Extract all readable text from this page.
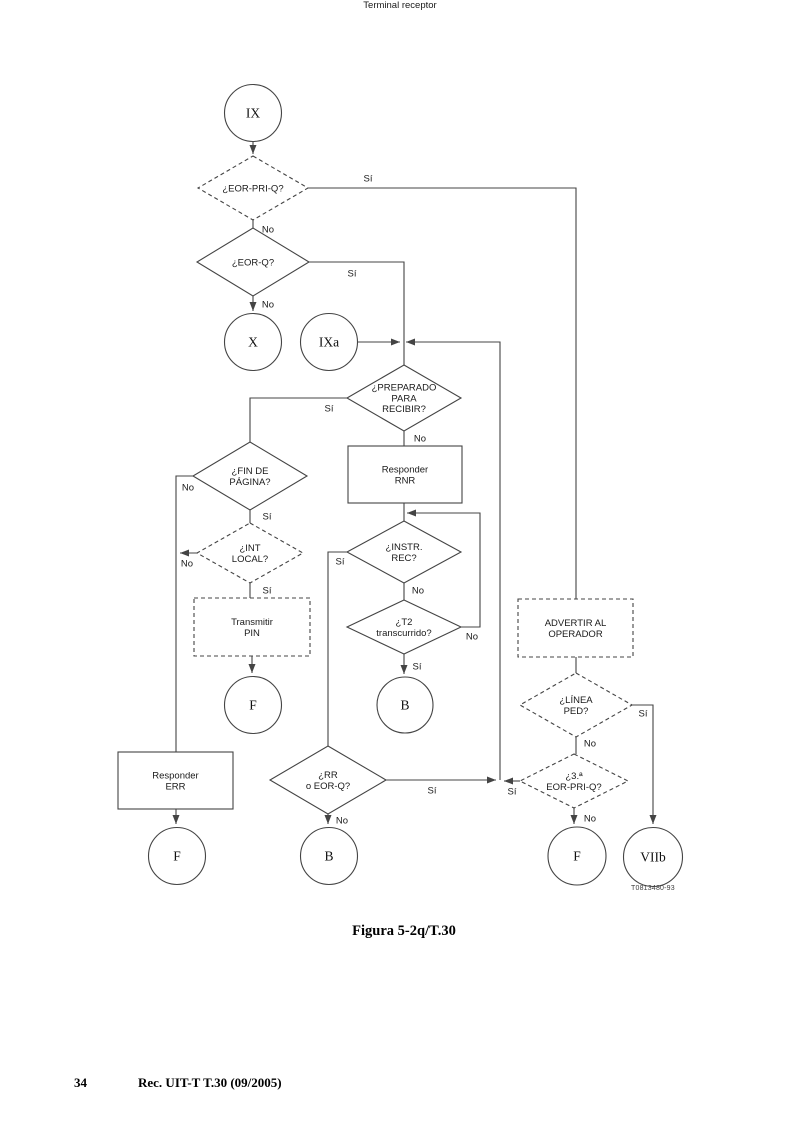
IX
¿EOR-PRI-Q?
¿EOR-Q?
X	IXa
¿PREPARADO PARA RECIBIR?
Responder RNR
¿FIN DE PÁGINA?
¿INT LOCAL?
Transmitir PIN
F
¿INSTR. REC?
¿T2 transcurrido?
B
Responder ERR
F
¿RR o EOR-Q?
B
ADVERTIR AL OPERADOR
¿LÍNEA PED?
¿3.ª EOR-PRI-Q?
F	VIIb
Sí
No
Sí
No
Sí
No
No
Sí
No
Sí
Sí
No
No
Sí
Sí
No
Sí
No
Sí
No
Terminal receptor
T0813480-93
Figura 5-2q/T.30
34	Rec. UIT-T T.30 (09/2005)
